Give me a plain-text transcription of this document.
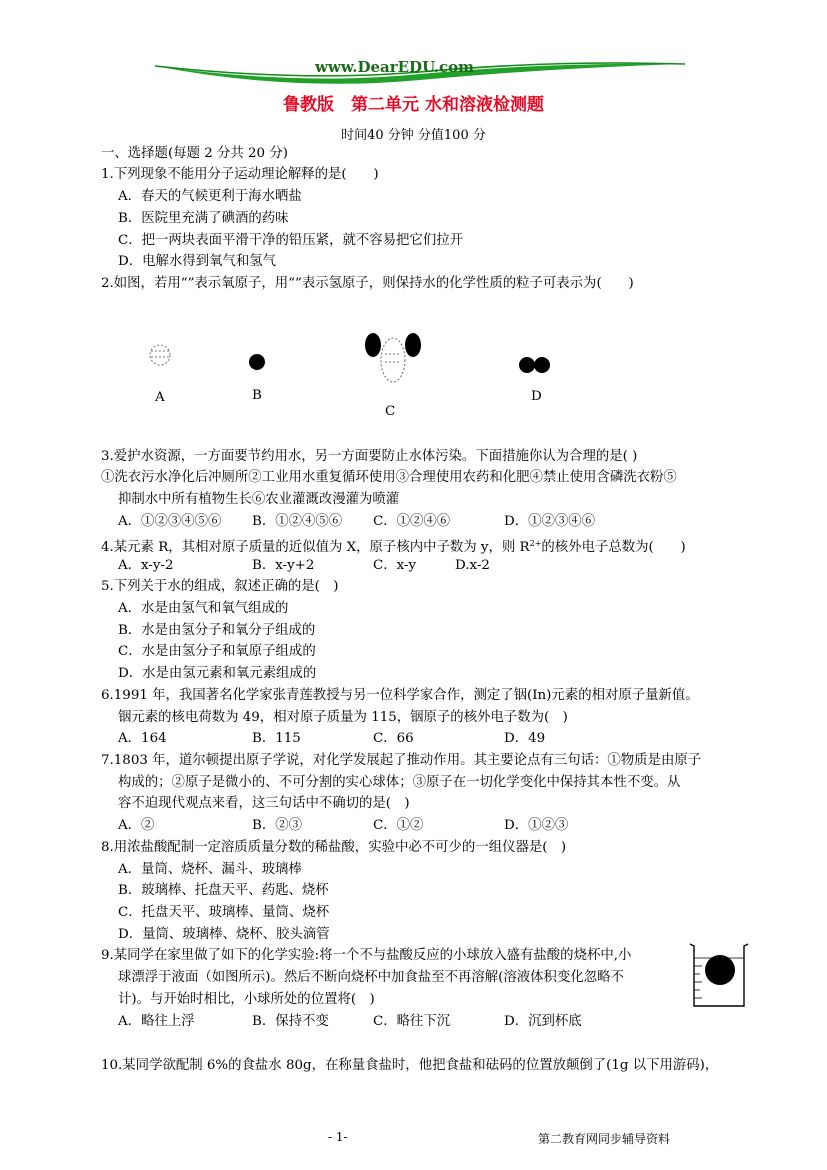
www.DearEDU.com
鲁教版　第二单元 水和溶液检测题
时间40 分钟 分值100 分
一、选择题(每题 2 分共 20 分)
1.下列现象不能用分子运动理论解释的是(　　)
A．春天的气候更利于海水晒盐
B．医院里充满了碘酒的药味
C．把一两块表面平滑干净的铅压紧，就不容易把它们拉开
D．电解水得到氧气和氢气
2.如图，若用“”表示氧原子，用“”表示氢原子，则保持水的化学性质的粒子可表示为(　　)
A	B
C
D
3.爱护水资源，一方面要节约用水，另一方面要防止水体污染。下面措施你认为合理的是( )
①洗衣污水净化后冲厕所②工业用水重复循环使用③合理使用农药和化肥④禁止使用含磷洗衣粉⑤
抑制水中所有植物生长⑥农业灌溉改漫灌为喷灌
A．①②③④⑤⑥ B．①②④⑤⑥ C．①②④⑥	D．①②③④⑥
4.某元素 R，其相对原子质量的近似值为 X，原子核内中子数为 y，则 $R^{2+}$的核外电子总数为(　　)
A．x-y-2	B．x-y+2	C．x-y	D.x-2
5.下列关于水的组成，叙述正确的是(　)
A．水是由氢气和氧气组成的
B．水是由氢分子和氧分子组成的
C．水是由氢分子和氧原子组成的
D．水是由氢元素和氧元素组成的
6.1991 年，我国著名化学家张青莲教授与另一位科学家合作，测定了铟(In)元素的相对原子量新值。
铟元素的核电荷数为 49，相对原子质量为 115，铟原子的核外电子数为(　)
A．164	B．115	C．66	D．49
7.1803 年，道尔顿提出原子学说，对化学发展起了推动作用。其主要论点有三句话：①物质是由原子
构成的；②原子是微小的、不可分割的实心球体；③原子在一切化学变化中保持其本性不变。从
容不迫现代观点来看，这三句话中不确切的是(　)
A．②	B．②③	C．①②	D．①②③
8.用浓盐酸配制一定溶质质量分数的稀盐酸，实验中必不可少的一组仪器是(　)
A．量筒、烧杯、漏斗、玻璃棒
B．玻璃棒、托盘天平、药匙、烧杯
C．托盘天平、玻璃棒、量筒、烧杯
D．量筒、玻璃棒、烧杯、胶头滴管
9.某同学在家里做了如下的化学实验:将一个不与盐酸反应的小球放入盛有盐酸的烧杯中,小
球漂浮于液面（如图所示)。然后不断向烧杯中加食盐至不再溶解(溶液体积变化忽略不
计)。与开始时相比，小球所处的位置将(　)
A．略往上浮	B．保持不变	C．略往下沉	D．沉到杯底
10.某同学欲配制 6%的食盐水 80g，在称量食盐时，他把食盐和砝码的位置放颠倒了(1g 以下用游码)，
- 1-	第二教育网同步辅导资料
